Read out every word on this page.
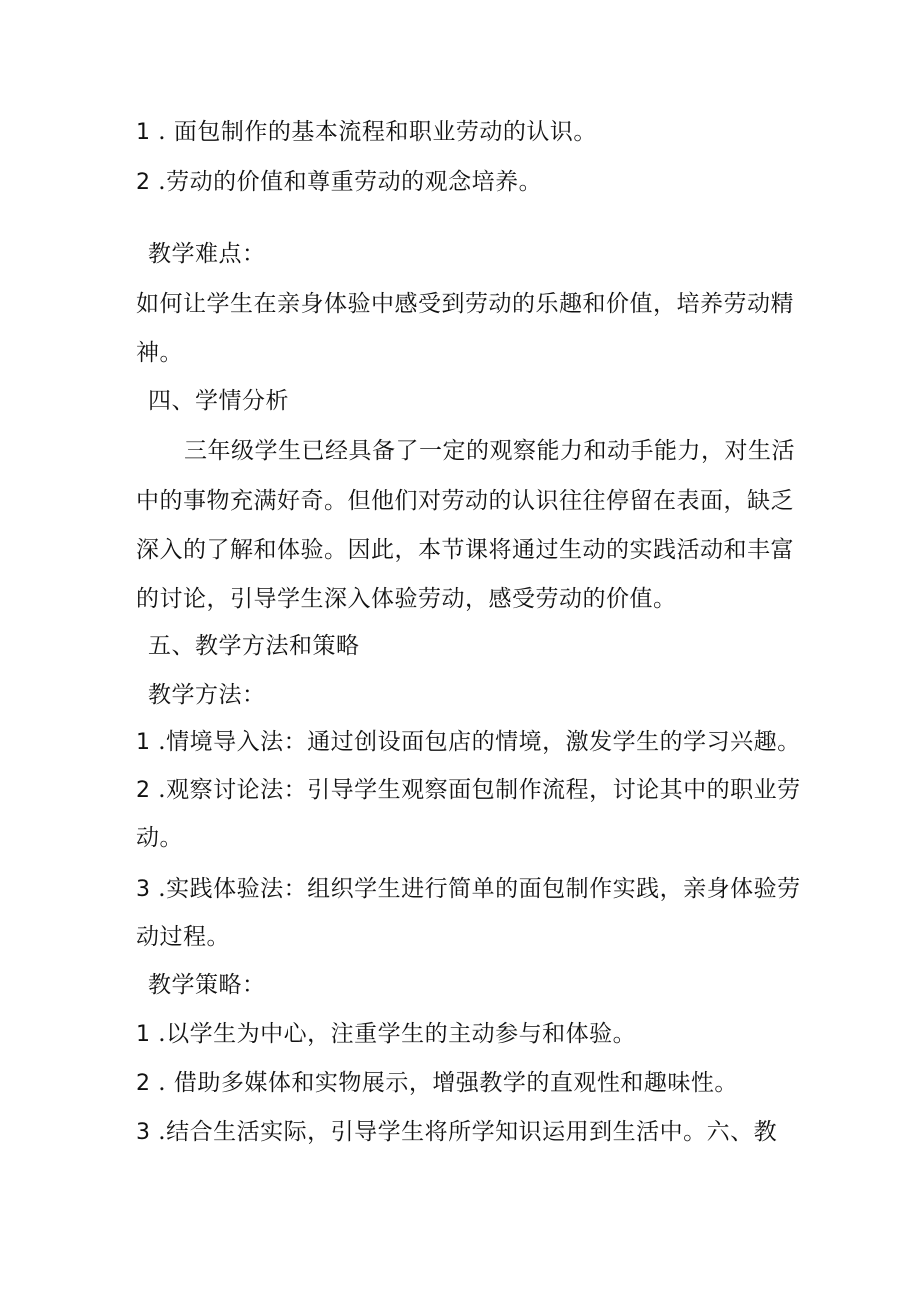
1 . 面包制作的基本流程和职业劳动的认识。
2 .劳动的价值和尊重劳动的观念培养。
教学难点：
如何让学生在亲身体验中感受到劳动的乐趣和价值，培养劳动精
神。
四、学情分析
三年级学生已经具备了一定的观察能力和动手能力，对生活
中的事物充满好奇。但他们对劳动的认识往往停留在表面，缺乏
深入的了解和体验。因此，本节课将通过生动的实践活动和丰富
的讨论，引导学生深入体验劳动，感受劳动的价值。
五、教学方法和策略
教学方法：
1 .情境导入法：通过创设面包店的情境，激发学生的学习兴趣。
2 .观察讨论法：引导学生观察面包制作流程，讨论其中的职业劳
动。
3 .实践体验法：组织学生进行简单的面包制作实践，亲身体验劳
动过程。
教学策略：
1 .以学生为中心，注重学生的主动参与和体验。
2 . 借助多媒体和实物展示，增强教学的直观性和趣味性。
3 .结合生活实际，引导学生将所学知识运用到生活中。六、教
